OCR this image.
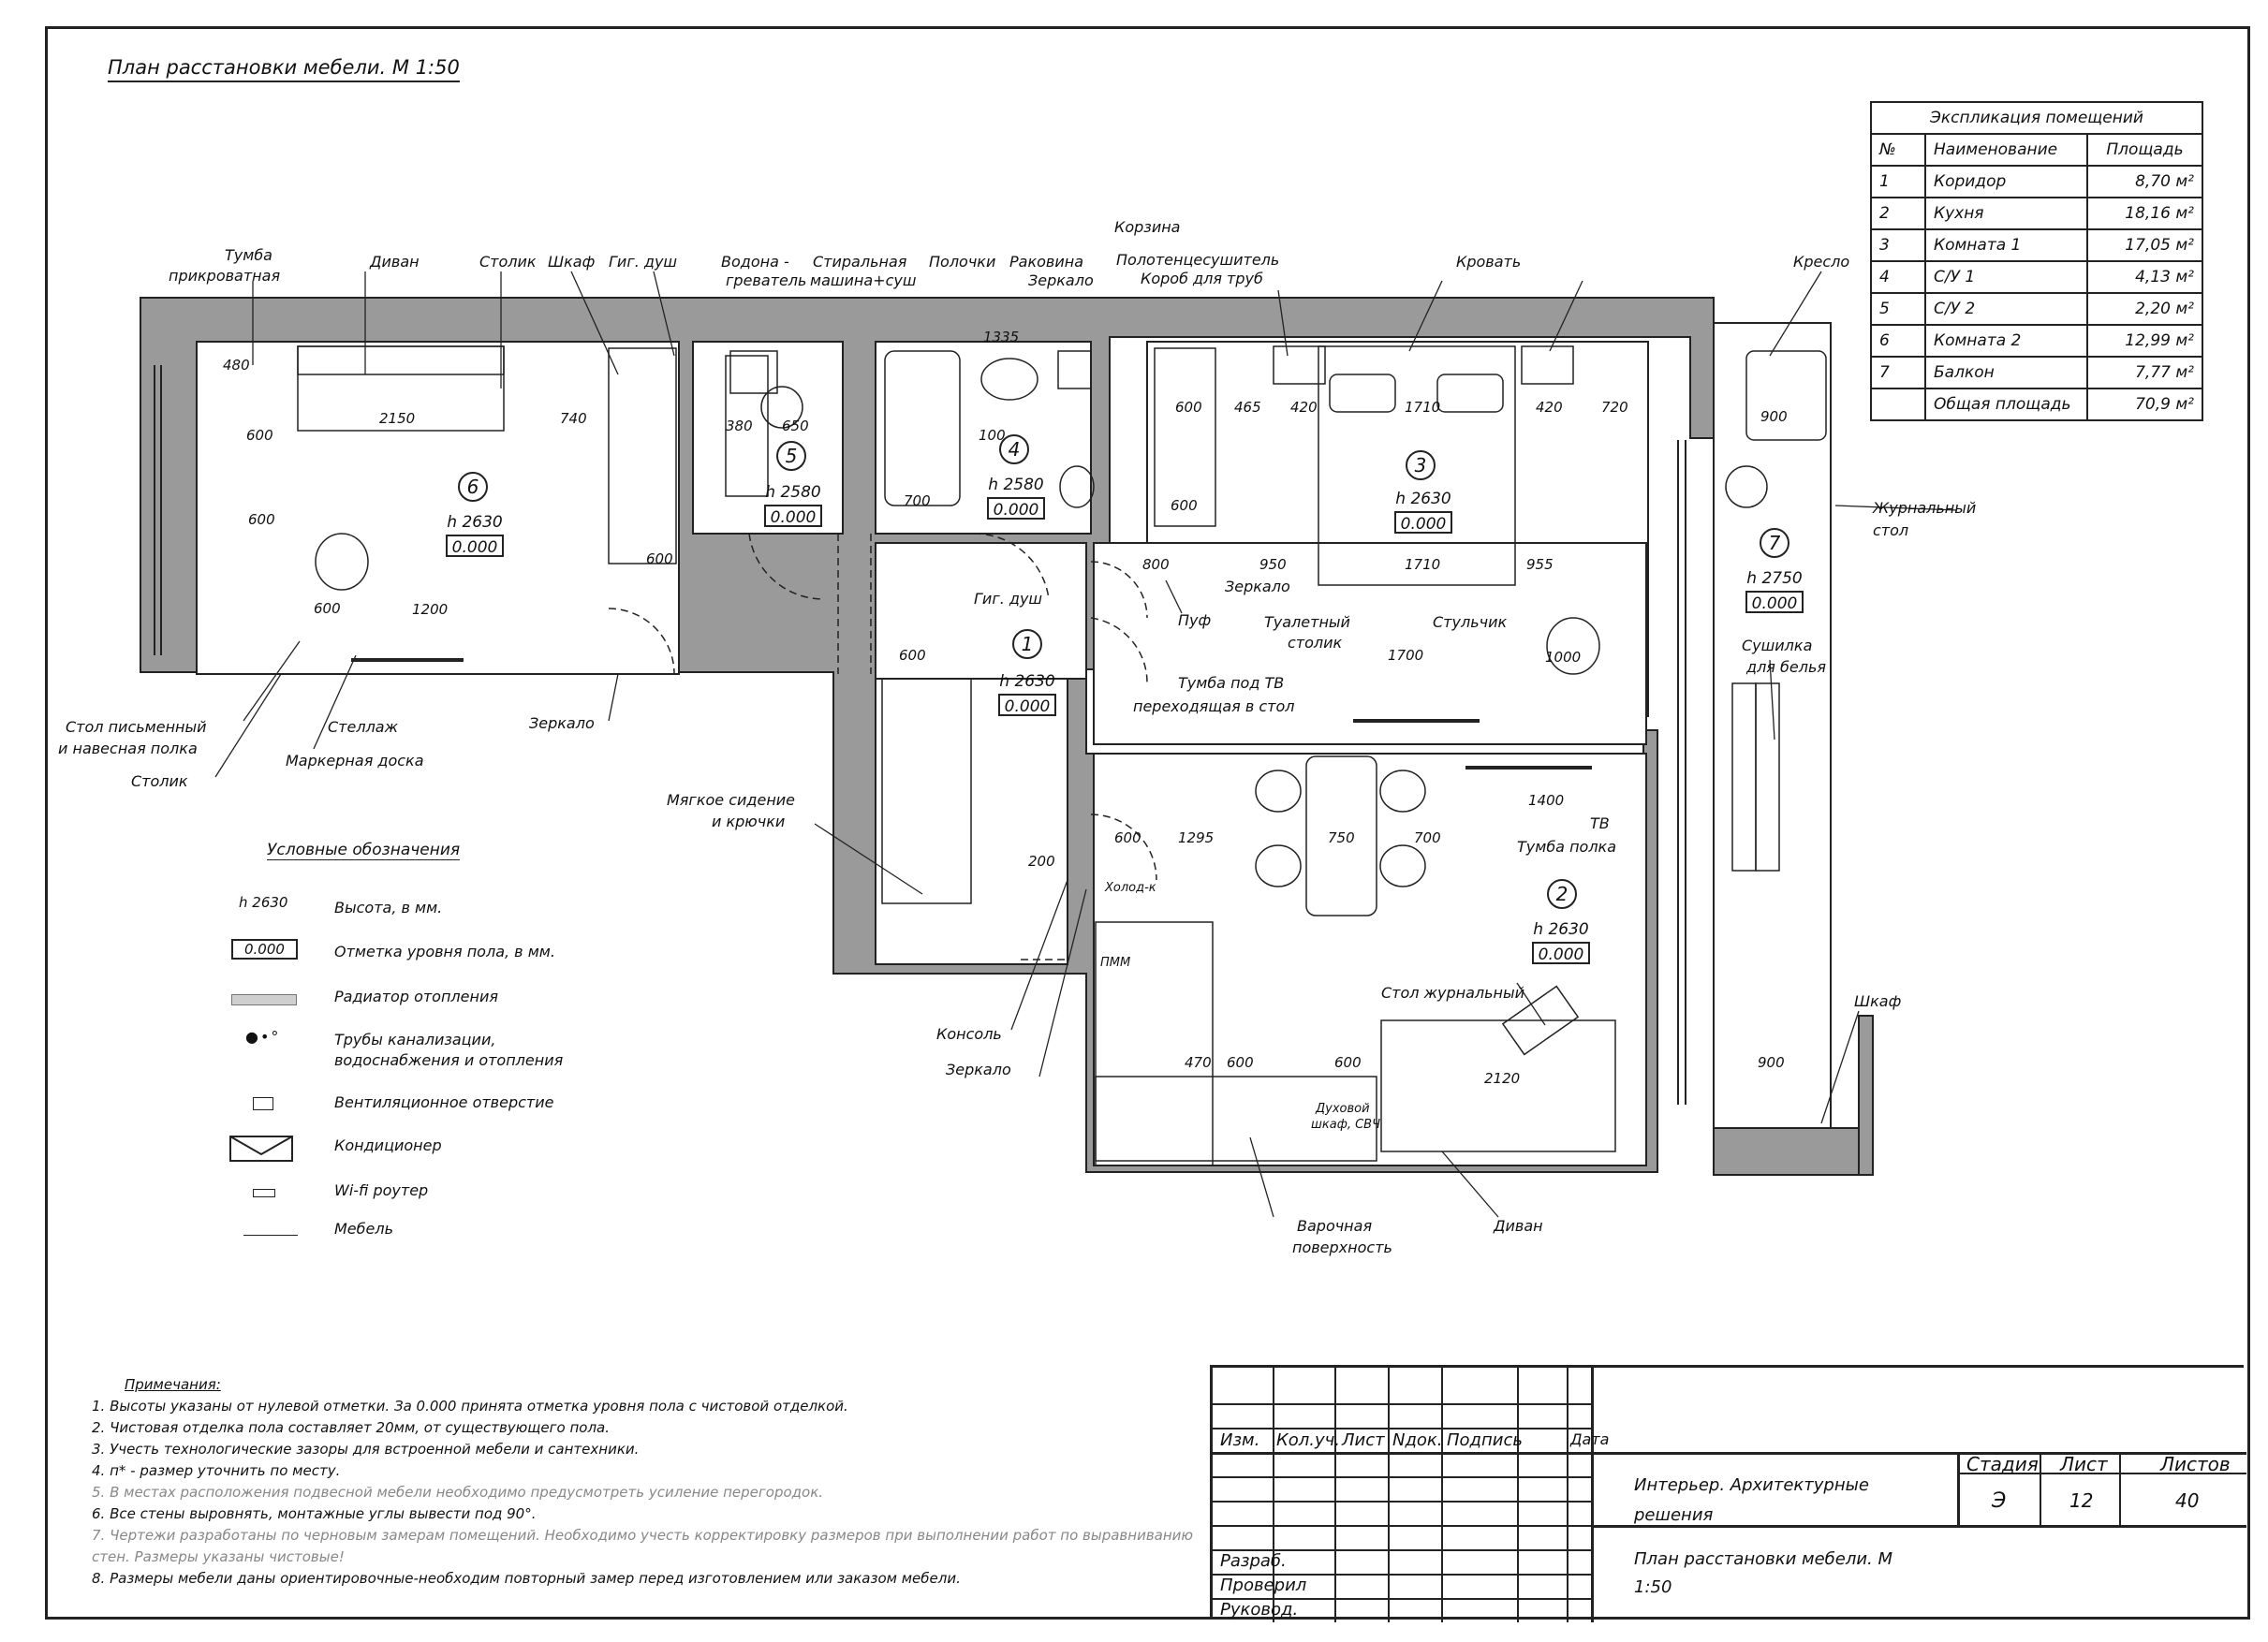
План расстановки мебели. М 1:50
Экспликация помещений		
№	Наименование	Площадь
1	Коридор	8,70 м²
2	Кухня	18,16 м²
3	Комната 1	17,05 м²
4	С/У 1	4,13 м²
5	С/У 2	2,20 м²
6	Комната 2	12,99 м²
7	Балкон	7,77 м²
	Общая площадь	70,9 м²
480
600
2150	740
600
600
1200
600
380 650
1335
100
700
465 420	1710	420	720
600
600
800	950	1710	955
600
200
1700	1000
1400
600	1295	750	700
470 600	600
2120
900
900
Тумба
прикроватная
Диван	Столик Шкаф Гиг. душ	Водона -
греватель
Стиральная
машина+суш
Полочки Раковина
Зеркало
Корзина
Полотенцесушитель
Короб для труб
Кровать	Кресло
Журнальный
стол
Зеркало
Гиг. душ
Пуф	Туалетный
столик
Стульчик
Тумба под ТВ
переходящая в стол
Сушилка
для белья
ТВ
Тумба полка
Мягкое сидение
и крючки
Консоль
Зеркало
Зеркало
Стол журнальный
Варочная
поверхность
Диван
Шкаф
Стол письменный
и навесная полка
Стеллаж
Маркерная доска
Столик
Холод-к
ПММ
Духовой
шкаф, СВЧ
6
5	4
3
1
2
7
h 2630
h 2580	h 2580
h 2630
h 2630
h 2630
h 2750
0.000
0.000	0.000
0.000
0.000
0.000
0.000
Условные обозначения
h 2630	Высота, в мм.
0.000	Отметка уровня пола, в мм.
Радиатор отопления
●•°	Трубы канализации, водоснабжения и отопления
Вентиляционное отверстие
Кондиционер
Wi-fi роутер
Мебель
Примечания:
1. Высоты указаны от нулевой отметки. За 0.000 принята отметка уровня пола с чистовой отделкой.
2. Чистовая отделка пола составляет 20мм, от существующего пола.
3. Учесть технологические зазоры для встроенной мебели и сантехники.
4. п* - размер уточнить по месту.
5. В местах расположения подвесной мебели необходимо предусмотреть усиление перегородок.
6. Все стены выровнять, монтажные углы вывести под 90°.
7. Чертежи разработаны по черновым замерам помещений. Необходимо учесть корректировку размеров при выполнении работ по выравниванию стен. Размеры указаны чистовые!
8. Размеры мебели даны ориентировочные-необходим повторный замер перед изготовлением или заказом мебели.
Изм. Кол.уч. Лист Nдок. Подпись	Дата
Разраб.
Проверил
Руковод.
Интерьер. Архитектурные решения
План расстановки мебели. М 1:50
Стадия Лист	Листов
Э	12	40
